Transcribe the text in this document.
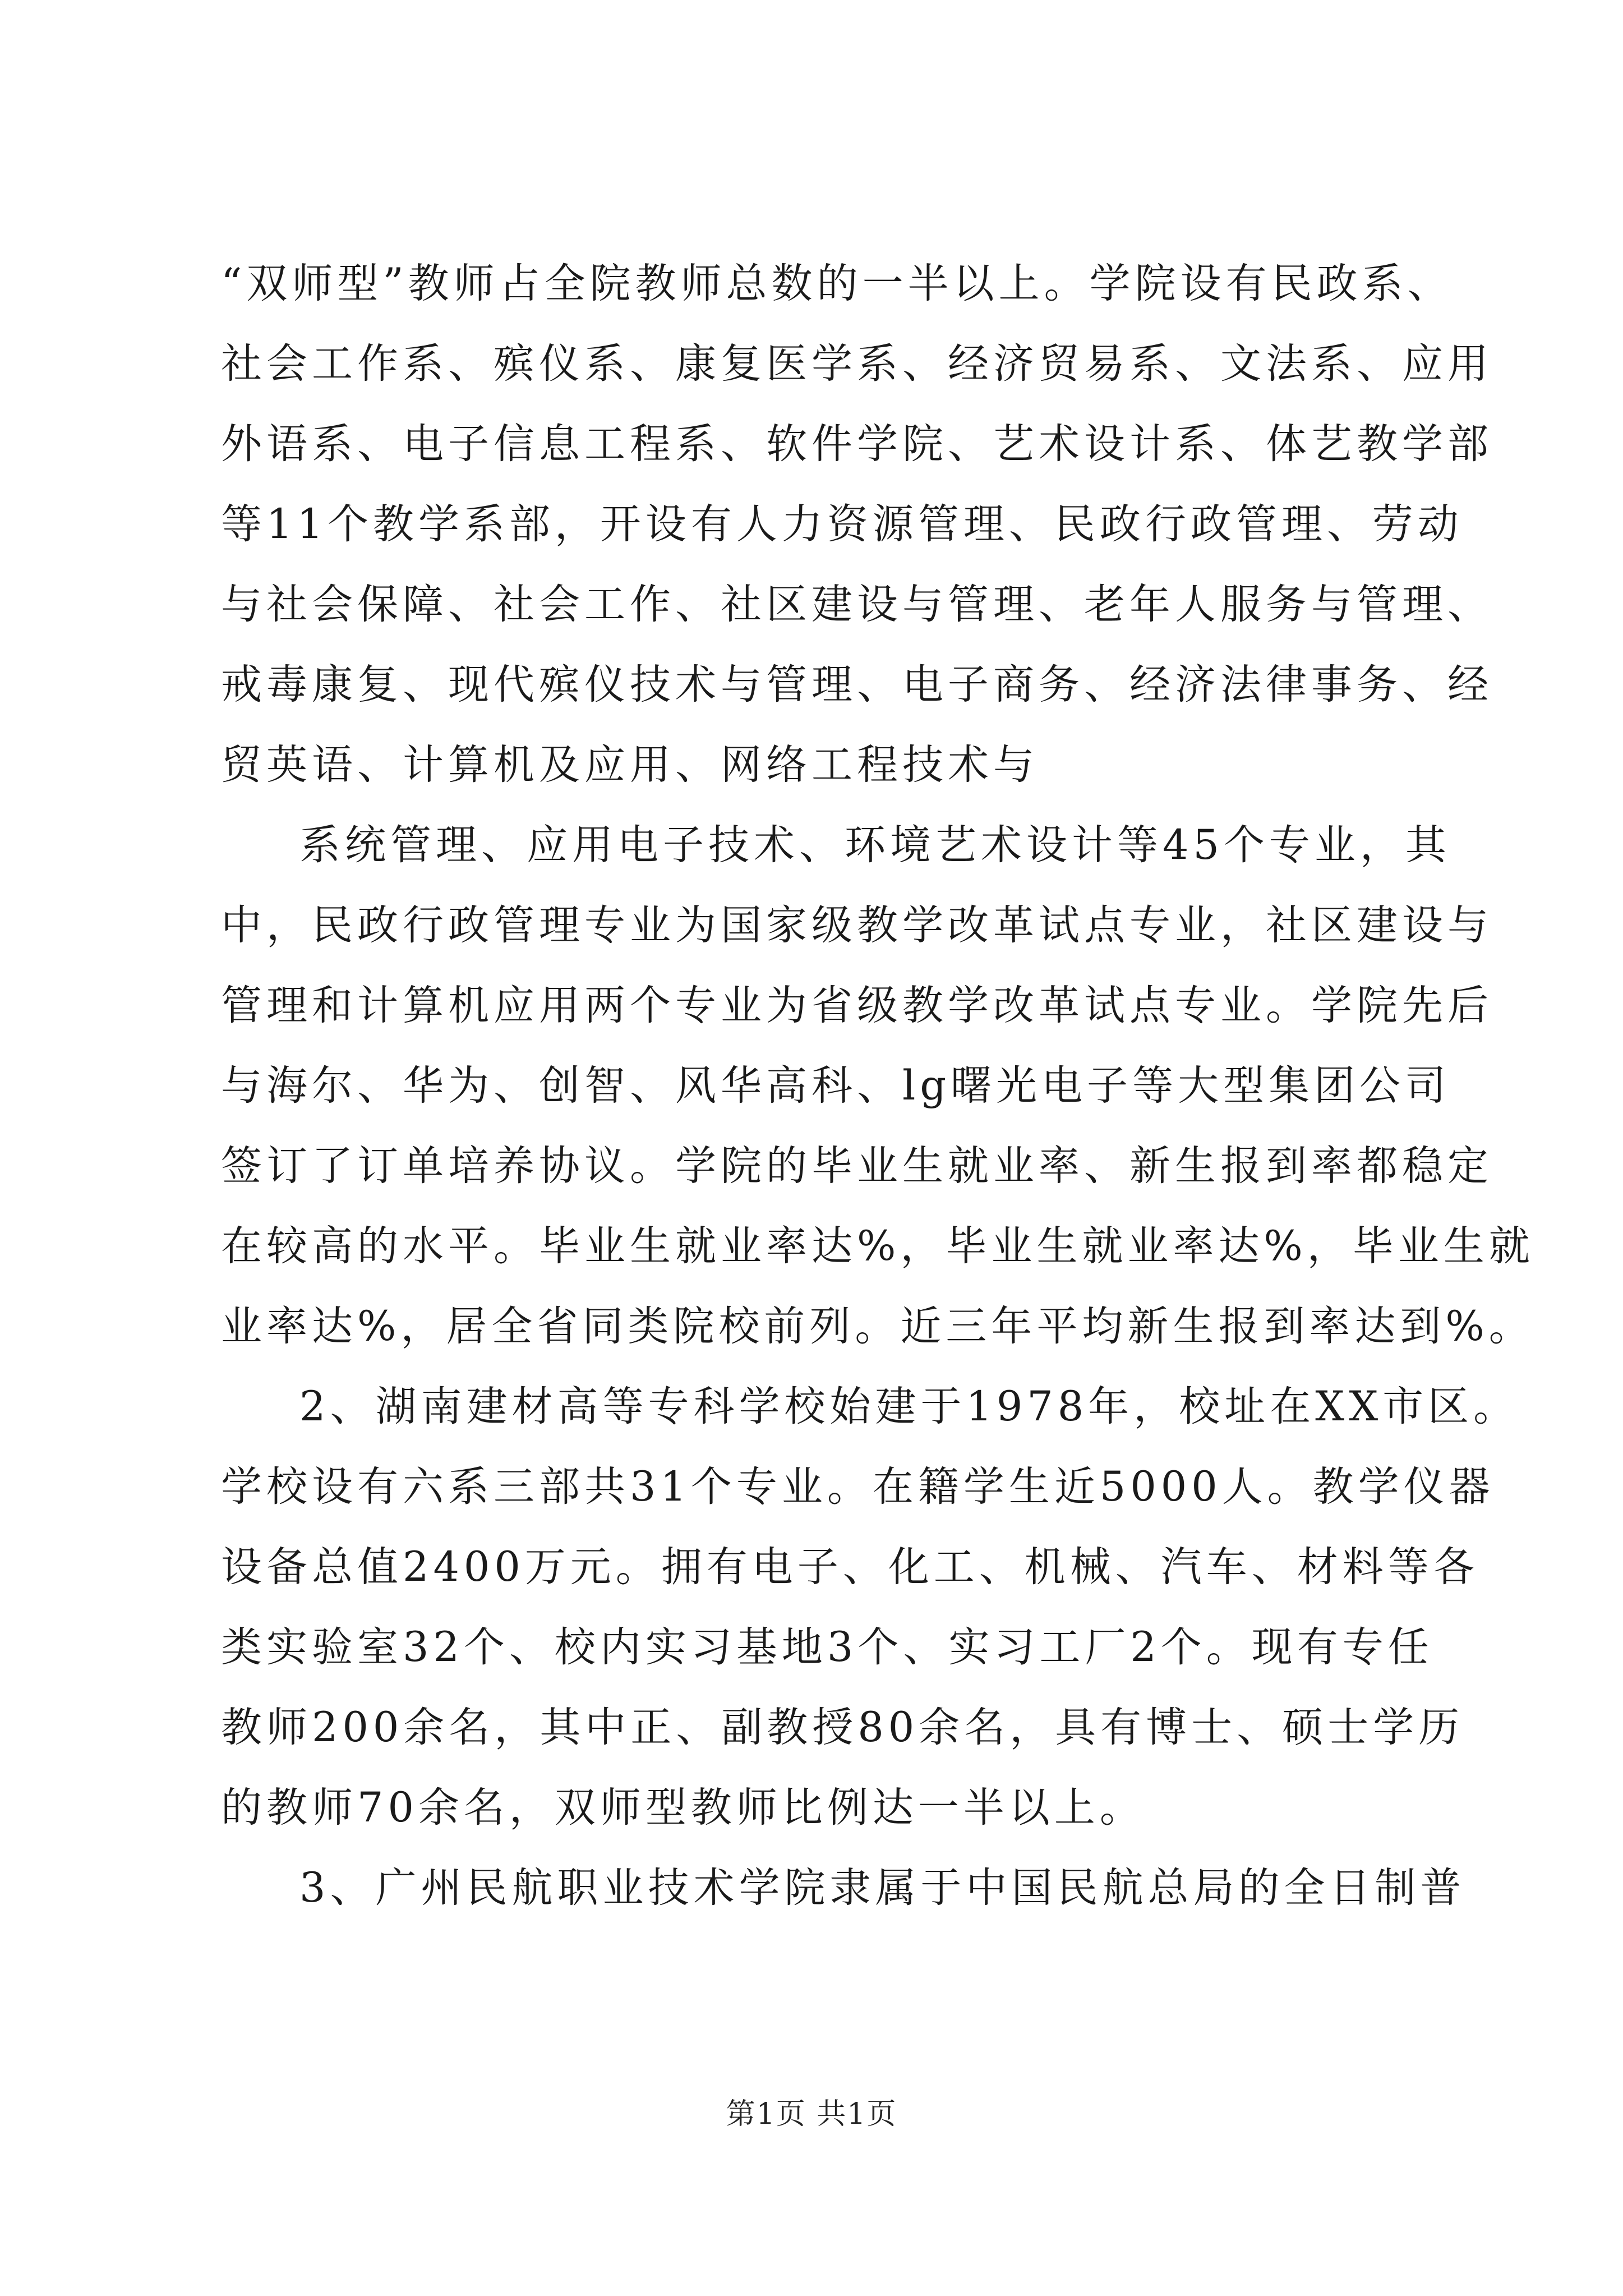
“双师型”教师占全院教师总数的一半以上。学院设有民政系、
社会工作系、殡仪系、康复医学系、经济贸易系、文法系、应用
外语系、电子信息工程系、软件学院、艺术设计系、体艺教学部
等11个教学系部，开设有人力资源管理、民政行政管理、劳动
与社会保障、社会工作、社区建设与管理、老年人服务与管理、
戒毒康复、现代殡仪技术与管理、电子商务、经济法律事务、经
贸英语、计算机及应用、网络工程技术与
系统管理、应用电子技术、环境艺术设计等45个专业，其
中，民政行政管理专业为国家级教学改革试点专业，社区建设与
管理和计算机应用两个专业为省级教学改革试点专业。学院先后
与海尔、华为、创智、风华高科、lg曙光电子等大型集团公司
签订了订单培养协议。学院的毕业生就业率、新生报到率都稳定
在较高的水平。毕业生就业率达%，毕业生就业率达%，毕业生就
业率达%，居全省同类院校前列。近三年平均新生报到率达到%。
2、湖南建材高等专科学校始建于1978年，校址在XX市区。
学校设有六系三部共31个专业。在籍学生近5000人。教学仪器
设备总值2400万元。拥有电子、化工、机械、汽车、材料等各
类实验室32个、校内实习基地3个、实习工厂2个。现有专任
教师200余名，其中正、副教授80余名，具有博士、硕士学历
的教师70余名，双师型教师比例达一半以上。
3、广州民航职业技术学院隶属于中国民航总局的全日制普
第1页 共1页
